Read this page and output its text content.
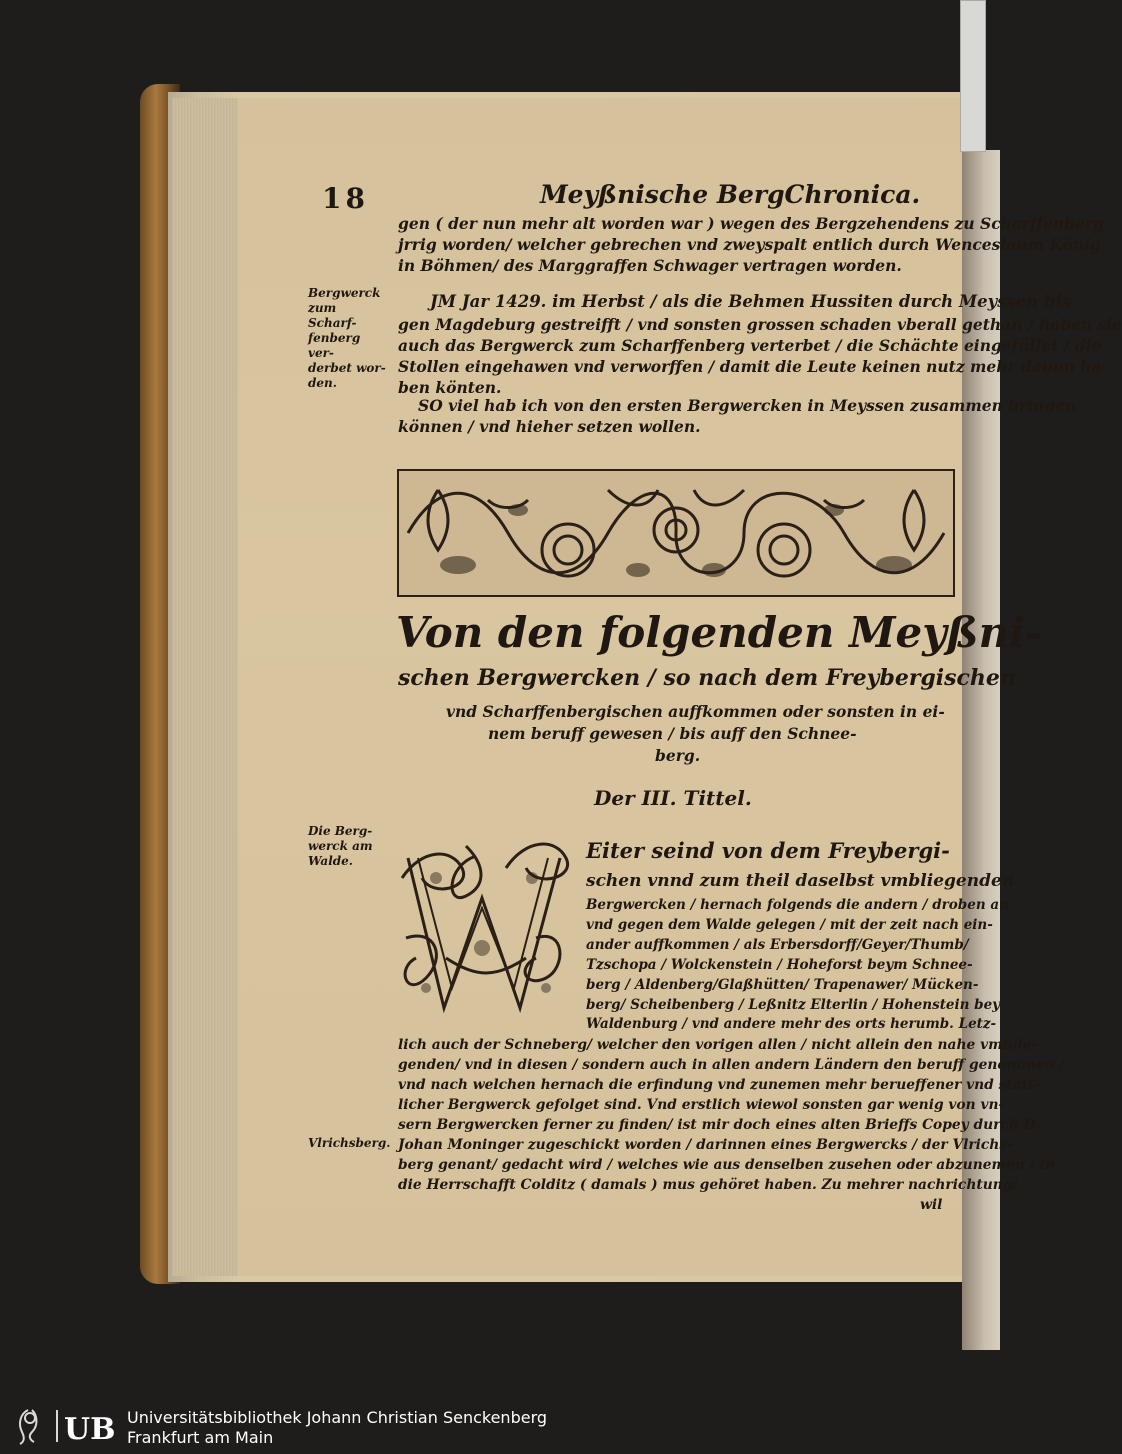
18	Meyßnische BergChronica.
gen ( der nun mehr alt worden war ) wegen des Bergzehendens zu Scharffenberg
jrrig worden/ welcher gebrechen vnd zweyspalt entlich durch Wenceslaum König
in Böhmen/ des Marggraffen Schwager vertragen worden.
JM Jar 1429. im Herbst / als die Behmen Hussiten durch Meyssen bis
gen Magdeburg gestreifft / vnd sonsten grossen schaden vberall gethan / haben sie
auch das Bergwerck zum Scharffenberg verterbet / die Schächte eingefüllet / die
Stollen eingehawen vnd verworffen / damit die Leute keinen nutz mehr dauon ha-
ben könten.
SO viel hab ich von den ersten Bergwercken in Meyssen zusammen bringen
können / vnd hieher setzen wollen.
Bergwerck
zum Scharf-
fenberg ver-
derbet wor-
den.
Von den folgenden Meyßni-
schen Bergwercken / so nach dem Freybergischen
vnd Scharffenbergischen auffkommen oder sonsten in ei-
nem beruff gewesen / bis auff den Schnee-
berg.
Der III. Tittel.
Die Berg-
werck am
Walde.	Eiter seind von dem Freybergi-
schen vnnd zum theil daselbst vmbliegenden
Bergwercken / hernach folgends die andern / droben an
vnd gegen dem Walde gelegen / mit der zeit nach ein-
ander auffkommen / als Erbersdorff/Geyer/Thumb/
Tzschopa / Wolckenstein / Hoheforst beym Schnee-
berg / Aldenberg/Glaßhütten/ Trapenawer/ Mücken-
berg/ Scheibenberg / Leßnitz Elterlin / Hohenstein bey
Waldenburg / vnd andere mehr des orts herumb. Letz-
lich auch der Schneberg/ welcher den vorigen allen / nicht allein den nahe vmblie-
genden/ vnd in diesen / sondern auch in allen andern Ländern den beruff genommen /
vnd nach welchen hernach die erfindung vnd zunemen mehr berueffener vnd statt-
licher Bergwerck gefolget sind. Vnd erstlich wiewol sonsten gar wenig von vn-
sern Bergwercken ferner zu finden/ ist mir doch eines alten Brieffs Copey durch D.
Johan Moninger zugeschickt worden / darinnen eines Bergwercks / der Vlrichs-
berg genant/ gedacht wird / welches wie aus denselben zusehen oder abzunemen / in
die Herrschafft Colditz ( damals ) mus gehöret haben. Zu mehrer nachrichtung/
wil
Vlrichsberg.
UB Universitätsbibliothek Johann Christian Senckenberg
Frankfurt am Main
